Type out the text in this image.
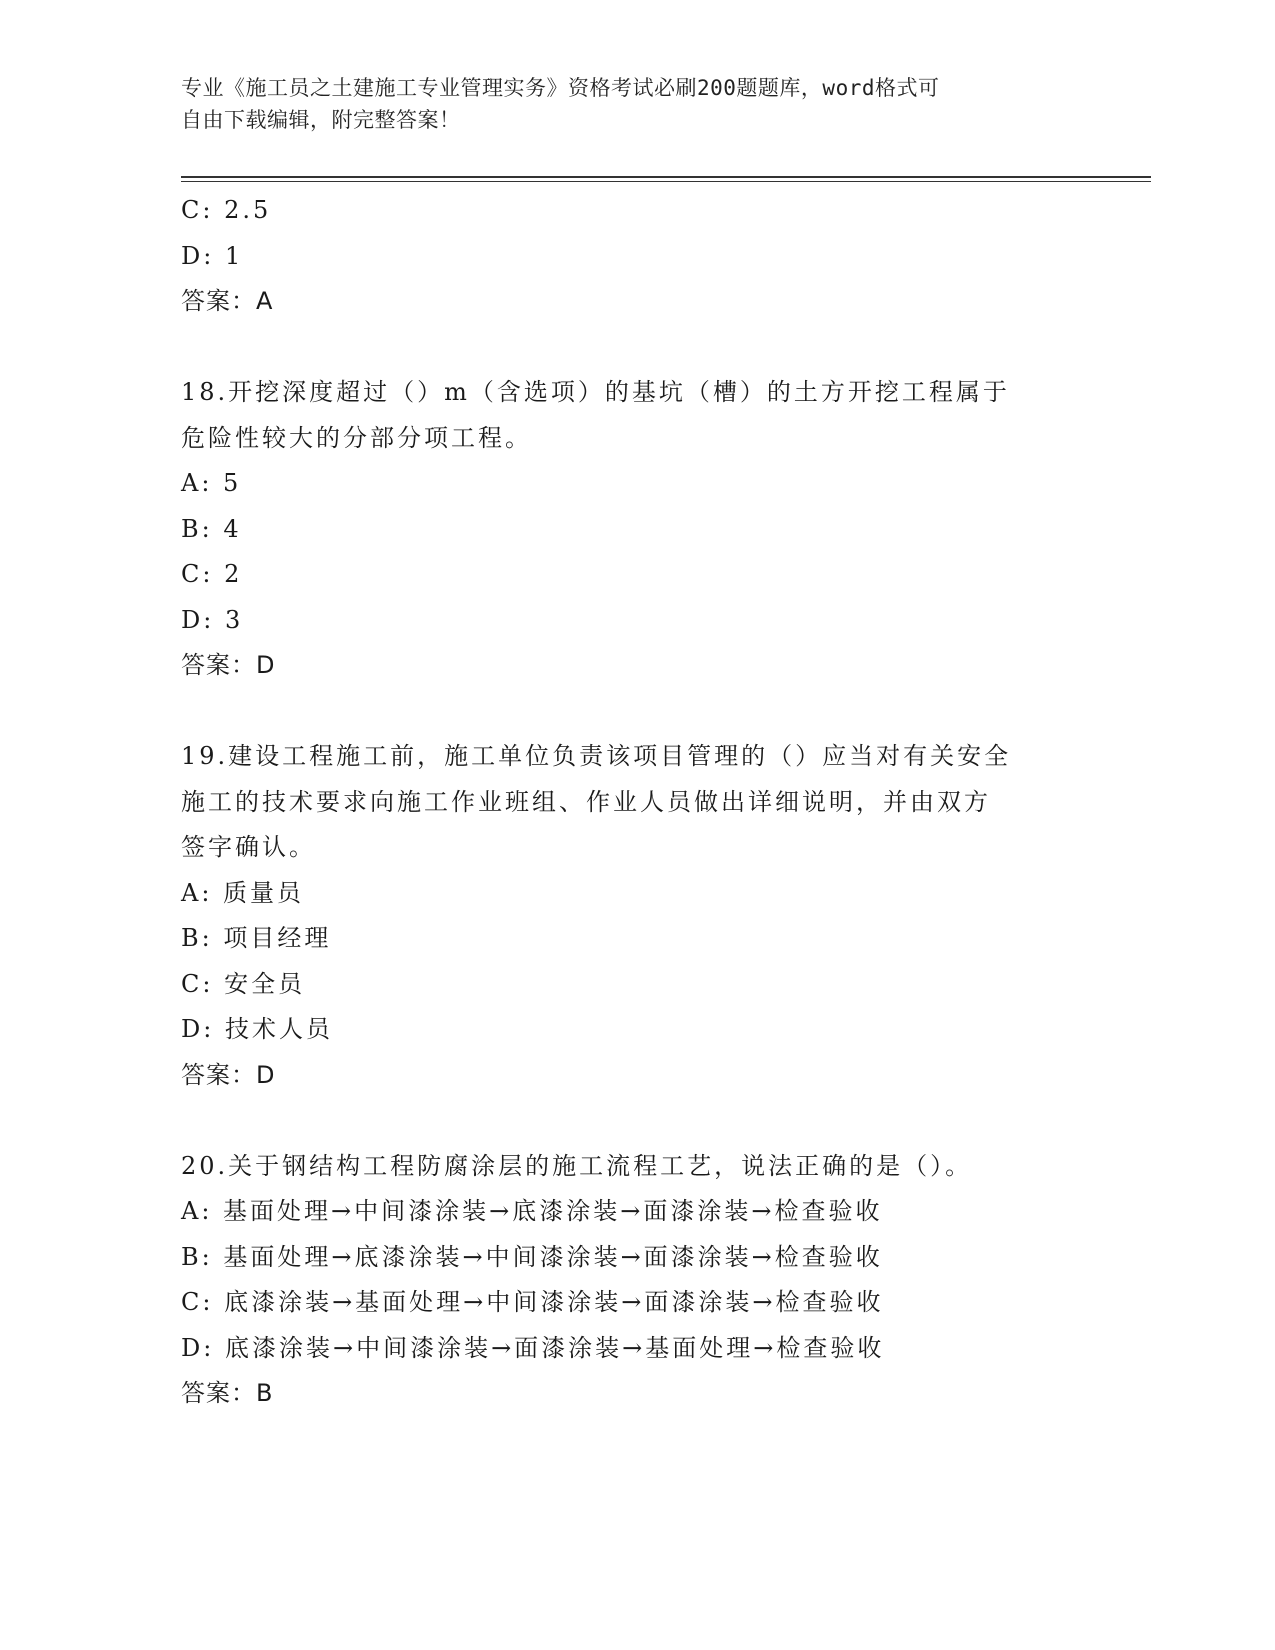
专业《施工员之土建施工专业管理实务》资格考试必刷200题题库，word格式可
自由下载编辑，附完整答案！
C: 2.5
D: 1
答案：A
18.开挖深度超过（）m（含选项）的基坑（槽）的土方开挖工程属于
危险性较大的分部分项工程。
A: 5
B: 4
C: 2
D: 3
答案：D
19.建设工程施工前，施工单位负责该项目管理的（）应当对有关安全
施工的技术要求向施工作业班组、作业人员做出详细说明，并由双方
签字确认。
A: 质量员
B: 项目经理
C: 安全员
D: 技术人员
答案：D
20.关于钢结构工程防腐涂层的施工流程工艺，说法正确的是（）。
A: 基面处理→中间漆涂装→底漆涂装→面漆涂装→检查验收
B: 基面处理→底漆涂装→中间漆涂装→面漆涂装→检查验收
C: 底漆涂装→基面处理→中间漆涂装→面漆涂装→检查验收
D: 底漆涂装→中间漆涂装→面漆涂装→基面处理→检查验收
答案：B
